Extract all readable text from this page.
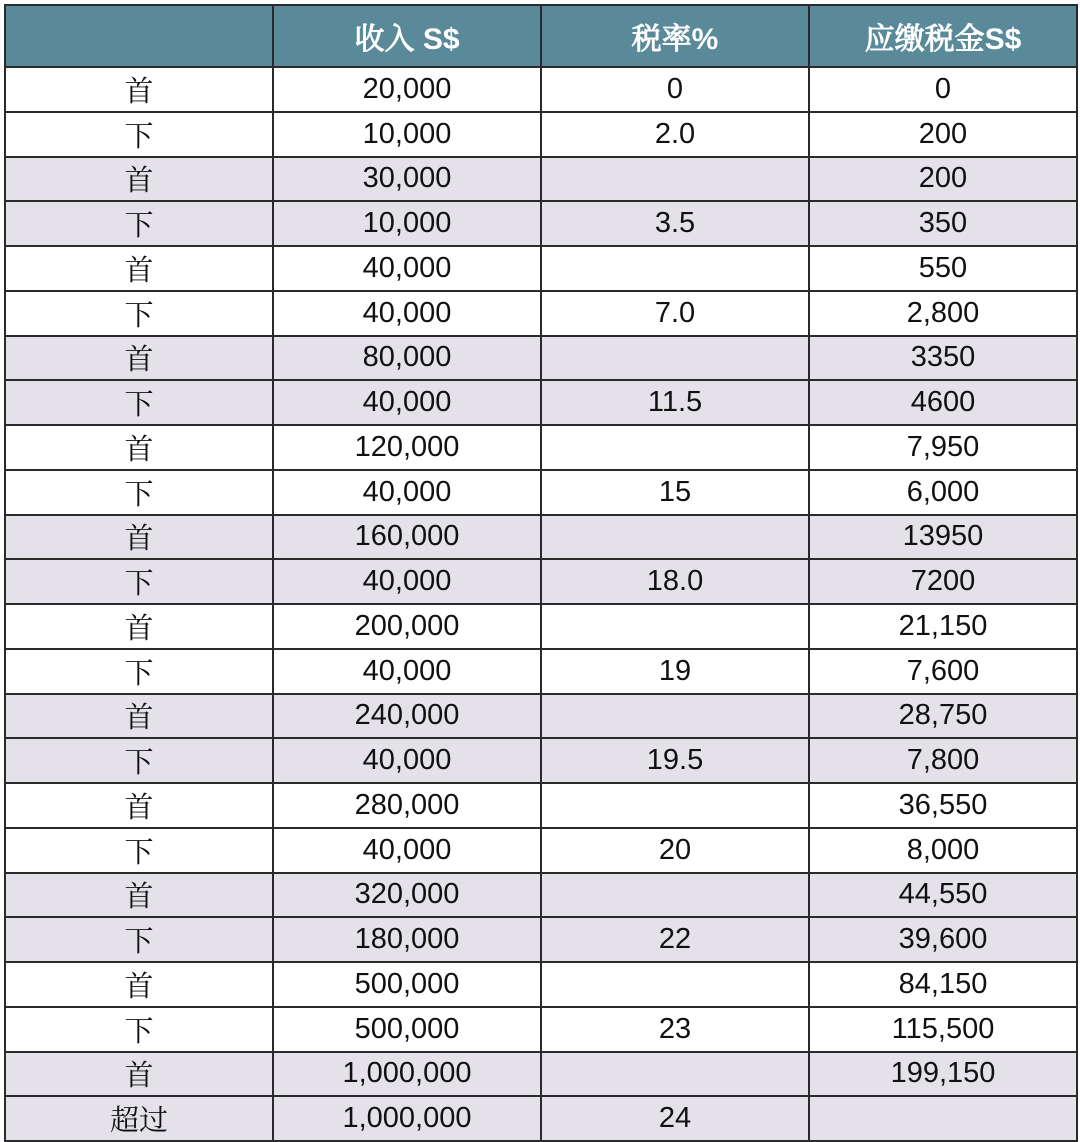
	收入 S$	税率%	应缴税金S$
首	20,000	0	0
下	10,000	2.0	200
首	30,000		200
下	10,000	3.5	350
首	40,000		550
下	40,000	7.0	2,800
首	80,000		3350
下	40,000	11.5	4600
首	120,000		7,950
下	40,000	15	6,000
首	160,000		13950
下	40,000	18.0	7200
首	200,000		21,150
下	40,000	19	7,600
首	240,000		28,750
下	40,000	19.5	7,800
首	280,000		36,550
下	40,000	20	8,000
首	320,000		44,550
下	180,000	22	39,600
首	500,000		84,150
下	500,000	23	115,500
首	1,000,000		199,150
超过	1,000,000	24	
